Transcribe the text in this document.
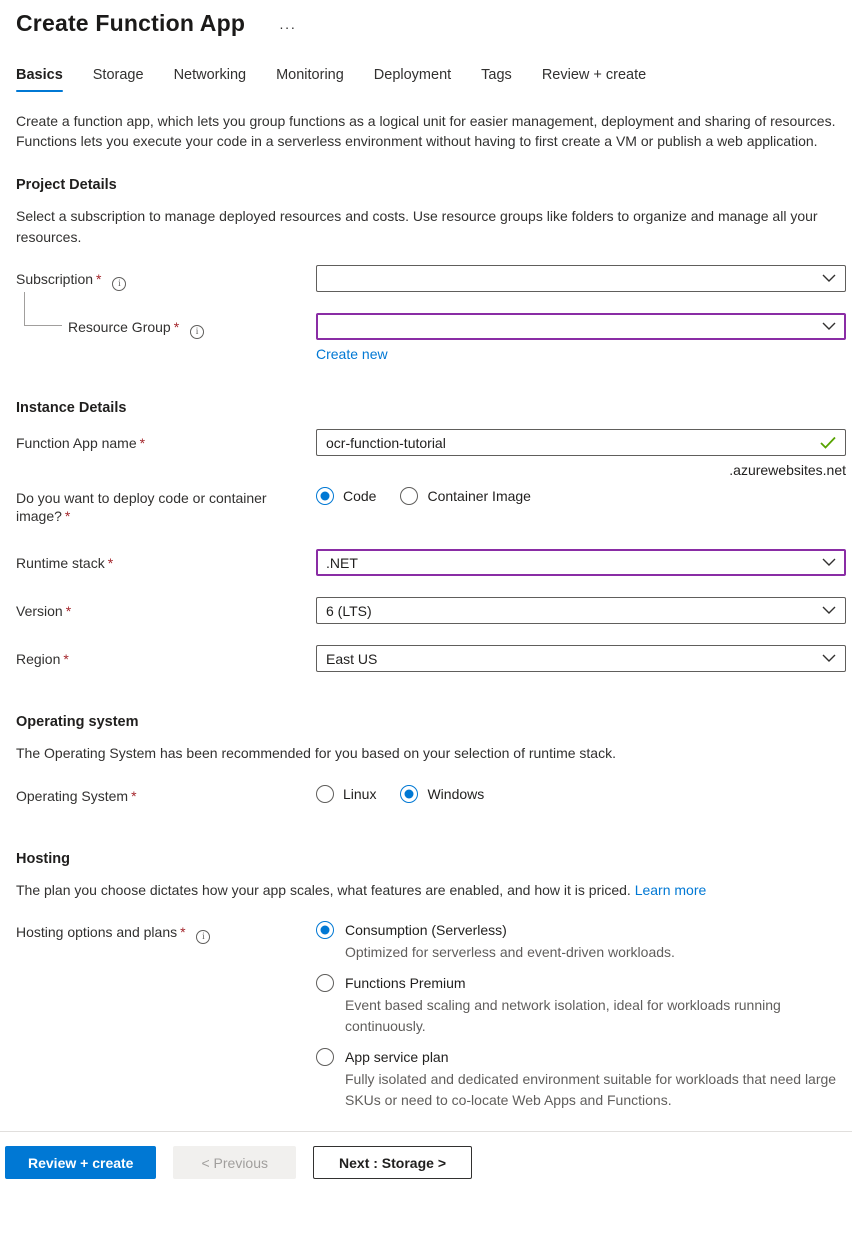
Create Function App ···
Basics Storage Networking Monitoring Deployment Tags Review + create

Create a function app, which lets you group functions as a logical unit for easier management, deployment and sharing of resources. Functions lets you execute your code in a serverless environment without having to first create a VM or publish a web application.

Project Details

Select a subscription to manage deployed resources and costs. Use resource groups like folders to organize and manage all your resources.

Subscription * i
Resource Group * i
Create new
Instance Details
Function App name *
ocr-function-tutorial
.azurewebsites.net
Do you want to deploy code or container image? *
Code	Container Image
Runtime stack *	.NET
Version *	6 (LTS)
Region *	East US
Operating system

The Operating System has been recommended for you based on your selection of runtime stack.

Operating System *	Linux	Windows
Hosting

The plan you choose dictates how your app scales, what features are enabled, and how it is priced. Learn more

Hosting options and plans * i	Consumption (Serverless)
Optimized for serverless and event-driven workloads.
Functions Premium
Event based scaling and network isolation, ideal for workloads running continuously.
App service plan
Fully isolated and dedicated environment suitable for workloads that need large SKUs or need to co-locate Web Apps and Functions.
Review + create	< Previous	Next : Storage >
